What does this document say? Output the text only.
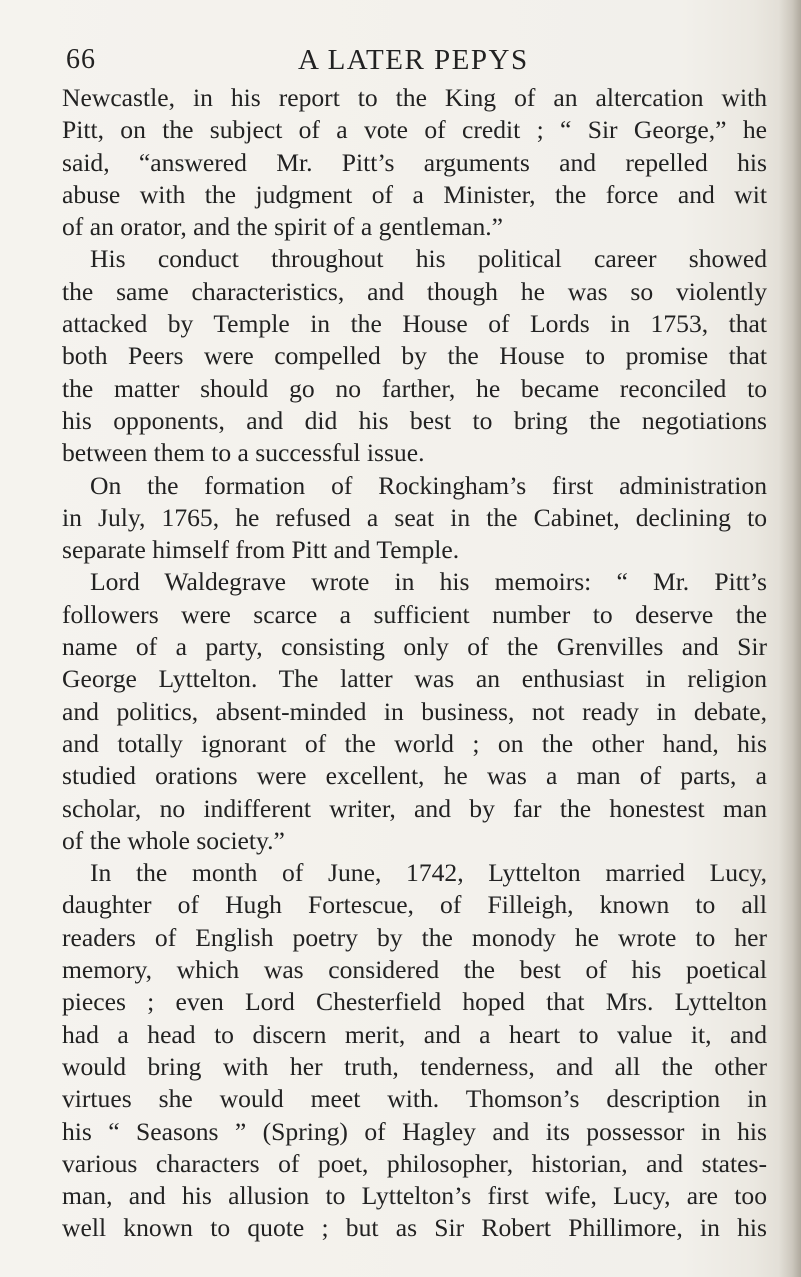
66	A LATER PEPYS
Newcastle, in his report to the King of an altercation with
Pitt, on the subject of a vote of credit ; “ Sir George,” he
said, “answered Mr. Pitt’s arguments and repelled his
abuse with the judgment of a Minister, the force and wit
of an orator, and the spirit of a gentleman.”
His conduct throughout his political career showed
the same characteristics, and though he was so violently
attacked by Temple in the House of Lords in 1753, that
both Peers were compelled by the House to promise that
the matter should go no farther, he became reconciled to
his opponents, and did his best to bring the negotiations
between them to a successful issue.
On the formation of Rockingham’s first administration
in July, 1765, he refused a seat in the Cabinet, declining to
separate himself from Pitt and Temple.
Lord Waldegrave wrote in his memoirs: “ Mr. Pitt’s
followers were scarce a sufficient number to deserve the
name of a party, consisting only of the Grenvilles and Sir
George Lyttelton. The latter was an enthusiast in religion
and politics, absent-minded in business, not ready in debate,
and totally ignorant of the world ; on the other hand, his
studied orations were excellent, he was a man of parts, a
scholar, no indifferent writer, and by far the honestest man
of the whole society.”
In the month of June, 1742, Lyttelton married Lucy,
daughter of Hugh Fortescue, of Filleigh, known to all
readers of English poetry by the monody he wrote to her
memory, which was considered the best of his poetical
pieces ; even Lord Chesterfield hoped that Mrs. Lyttelton
had a head to discern merit, and a heart to value it, and
would bring with her truth, tenderness, and all the other
virtues she would meet with. Thomson’s description in
his “ Seasons ” (Spring) of Hagley and its possessor in his
various characters of poet, philosopher, historian, and states-
man, and his allusion to Lyttelton’s first wife, Lucy, are too
well known to quote ; but as Sir Robert Phillimore, in his
